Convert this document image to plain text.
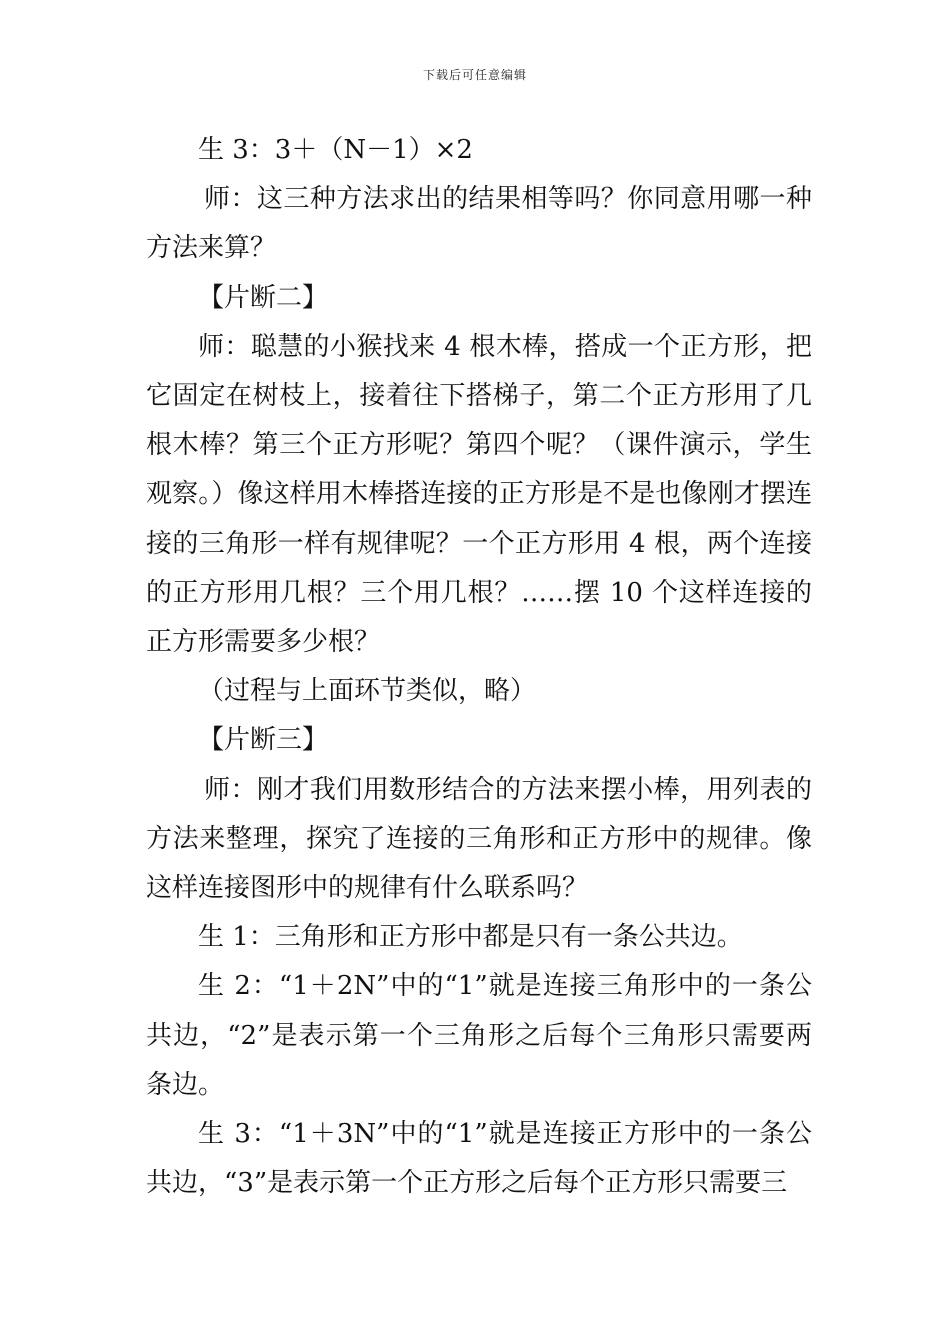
下载后可任意编辑

生 3：3＋（N－1）×2

师：这三种方法求出的结果相等吗？你同意用哪一种方法来算？

【片断二】

师：聪慧的小猴找来 4 根木棒，搭成一个正方形，把它固定在树枝上，接着往下搭梯子，第二个正方形用了几根木棒？第三个正方形呢？第四个呢？（课件演示，学生观察。）像这样用木棒搭连接的正方形是不是也像刚才摆连接的三角形一样有规律呢？一个正方形用 4 根，两个连接的正方形用几根？三个用几根？……摆 10 个这样连接的正方形需要多少根？

（过程与上面环节类似，略）

【片断三】

师：刚才我们用数形结合的方法来摆小棒，用列表的方法来整理，探究了连接的三角形和正方形中的规律。像这样连接图形中的规律有什么联系吗？

生 1：三角形和正方形中都是只有一条公共边。

生 2：“1＋2N”中的“1”就是连接三角形中的一条公共边，“2”是表示第一个三角形之后每个三角形只需要两条边。

生 3：“1＋3N”中的“1”就是连接正方形中的一条公共边，“3”是表示第一个正方形之后每个正方形只需要三
